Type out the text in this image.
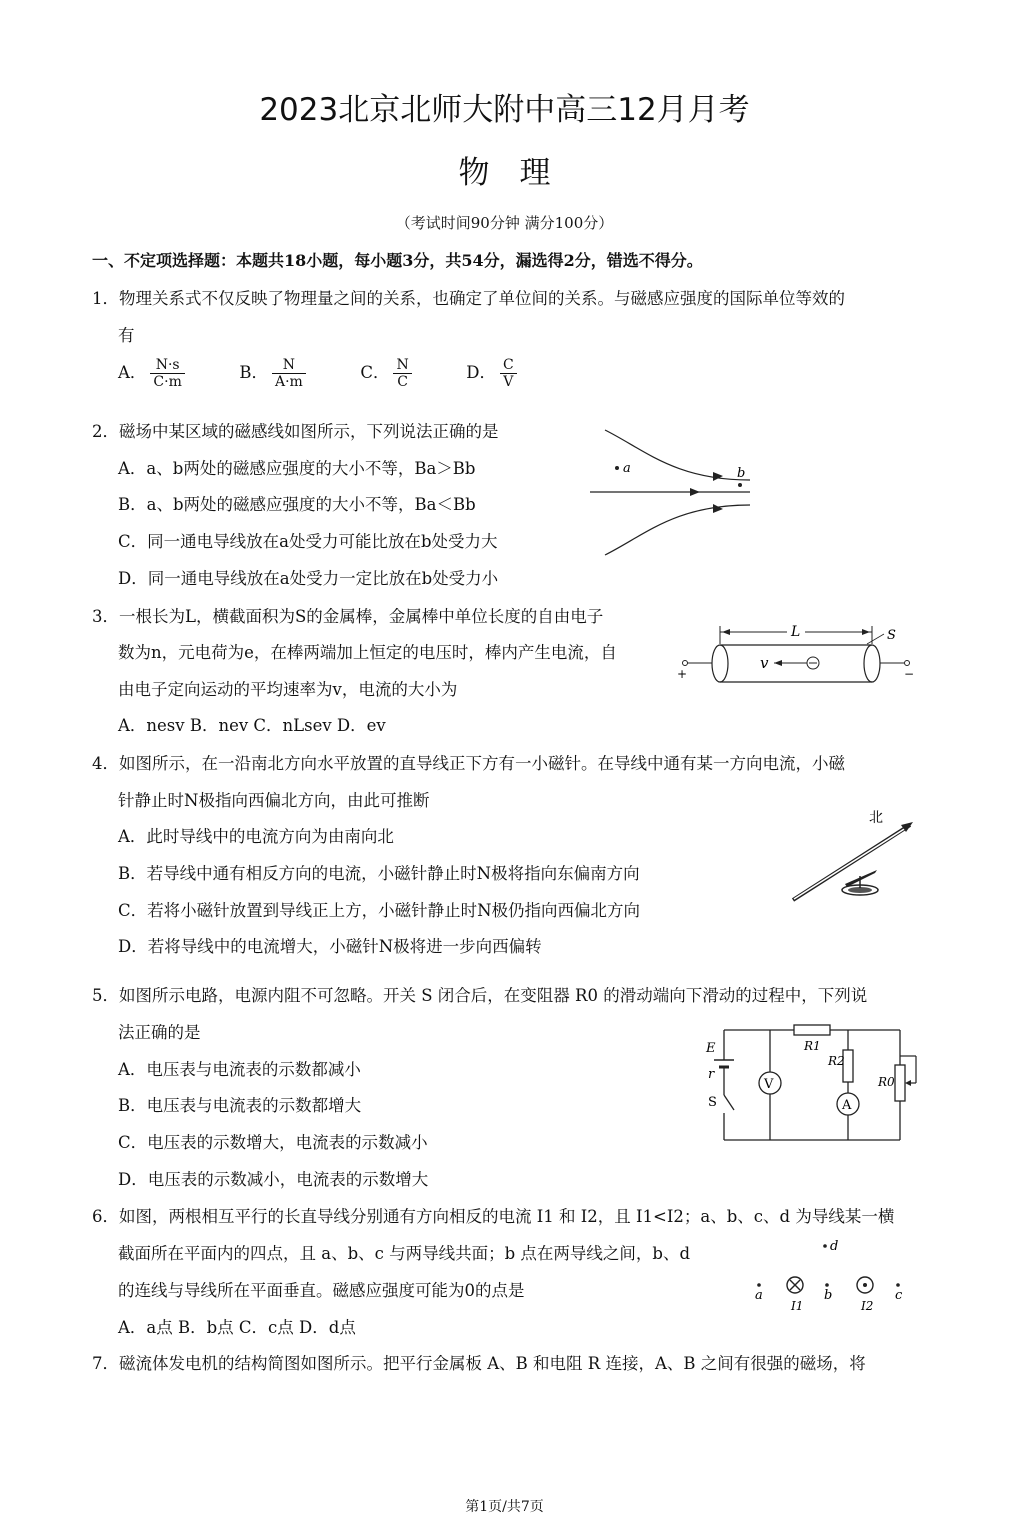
2023北京北师大附中高三12月月考
物理
（考试时间90分钟 满分100分）
一、不定项选择题：本题共18小题，每小题3分，共54分，漏选得2分，错选不得分。
1．物理关系式不仅反映了物理量之间的关系，也确定了单位间的关系。与磁感应强度的国际单位等效的
有
A． $\frac{N\cdot s}{C\cdot m}$	B． $\frac{N}{A\cdot m}$	C． $\frac{N}{C}$	D． $\frac{C}{V}$
2．磁场中某区域的磁感线如图所示，下列说法正确的是
A．a、b两处的磁感应强度的大小不等，Ba＞Bb
B．a、b两处的磁感应强度的大小不等，Ba＜Bb
C．同一通电导线放在a处受力可能比放在b处受力大
D．同一通电导线放在a处受力一定比放在b处受力小
a	b
3．一根长为L，横截面积为S的金属棒，金属棒中单位长度的自由电子
数为n，元电荷为e，在棒两端加上恒定的电压时，棒内产生电流，自
由电子定向运动的平均速率为v，电流的大小为
A．nesv B．nev C．nLsev D．ev
L	S
v
+	−
4．如图所示，在一沿南北方向水平放置的直导线正下方有一小磁针。在导线中通有某一方向电流，小磁
针静止时N极指向西偏北方向，由此可推断
A．此时导线中的电流方向为由南向北
B．若导线中通有相反方向的电流，小磁针静止时N极将指向东偏南方向
C．若将小磁针放置到导线正上方，小磁针静止时N极仍指向西偏北方向
D．若将导线中的电流增大，小磁针N极将进一步向西偏转
北
5．如图所示电路，电源内阻不可忽略。开关 S 闭合后，在变阻器 R0 的滑动端向下滑动的过程中，下列说
法正确的是
A．电压表与电流表的示数都减小
B．电压表与电流表的示数都增大
C．电压表的示数增大，电流表的示数减小
D．电压表的示数减小，电流表的示数增大
R1
E
r
S
V
R2
A
R0
6．如图，两根相互平行的长直导线分别通有方向相反的电流 I1 和 I2，且 I1<I2；a、b、c、d 为导线某一横
截面所在平面内的四点，且 a、b、c 与两导线共面；b 点在两导线之间，b、d
的连线与导线所在平面垂直。磁感应强度可能为0的点是
A．a点 B．b点 C．c点 D．d点
d
a
I1
b
I2
c
7．磁流体发电机的结构简图如图所示。把平行金属板 A、B 和电阻 R 连接，A、B 之间有很强的磁场，将
第1页/共7页
